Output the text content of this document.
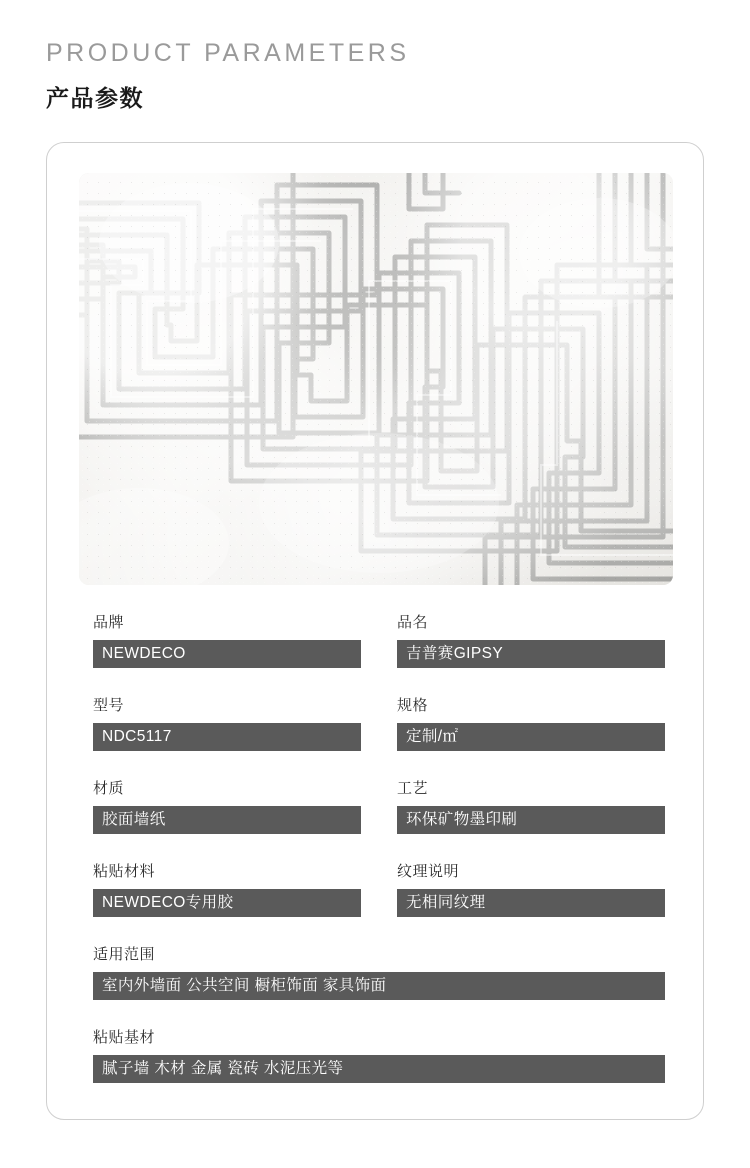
PRODUCT PARAMETERS
产品参数
品牌
NEWDECO
品名
吉普赛GIPSY
型号
NDC5117
规格
定制/㎡
材质
胶面墙纸
工艺
环保矿物墨印刷
粘贴材料
NEWDECO专用胶
纹理说明
无相同纹理
适用范围
室内外墙面 公共空间 橱柜饰面 家具饰面
粘贴基材
腻子墙 木材 金属 瓷砖 水泥压光等
